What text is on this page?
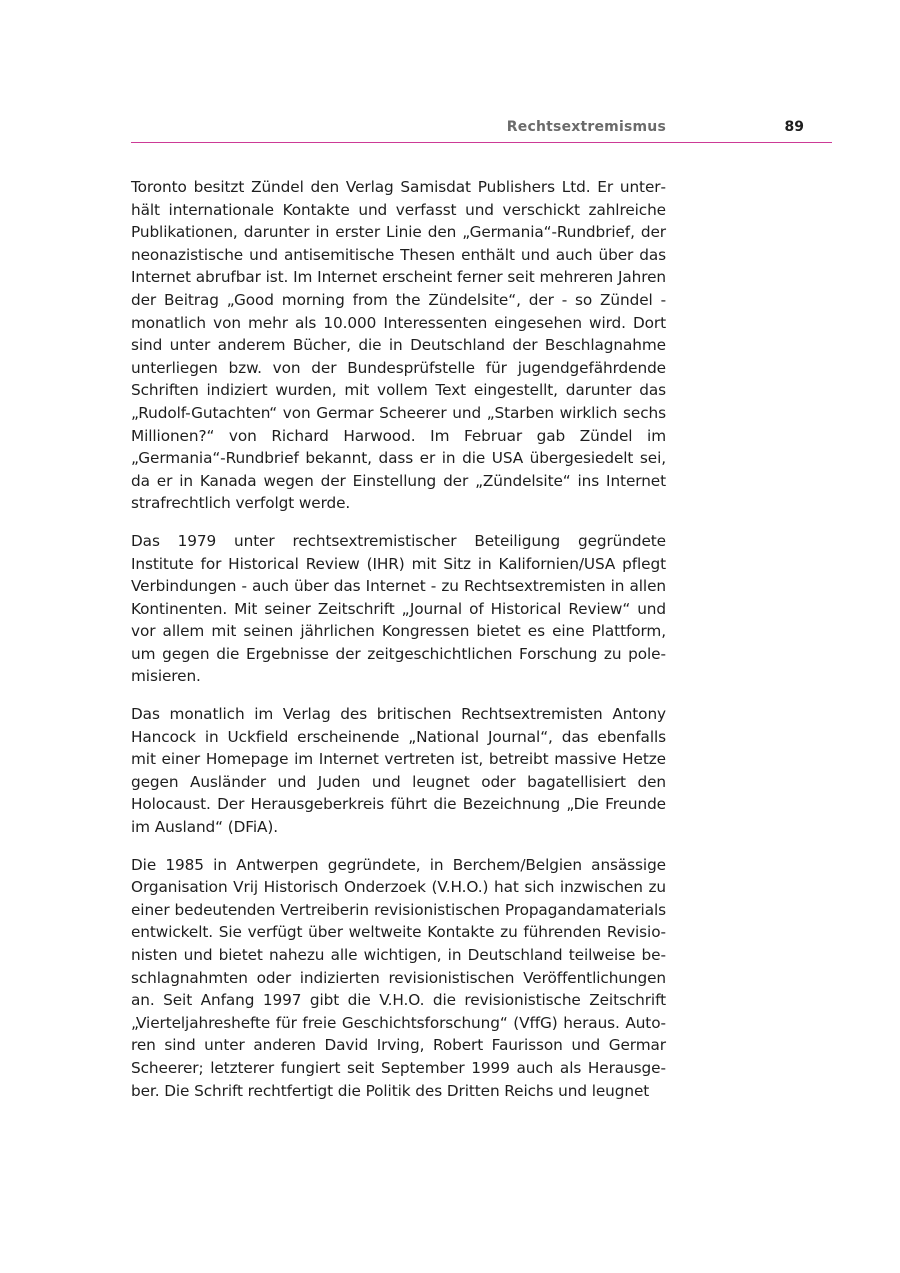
Rechtsextremismus	89

Toronto besitzt Zündel den Verlag Samisdat Publishers Ltd. Er unterhält internationale Kontakte und verfasst und verschickt zahlreiche Publikationen, darunter in erster Linie den „Germania“-Rundbrief, der neonazistische und antisemitische Thesen enthält und auch über das Internet abrufbar ist. Im Internet erscheint ferner seit mehreren Jahren der Beitrag „Good morning from the Zündelsite“, der - so Zündel - monatlich von mehr als 10.000 Interessenten eingesehen wird. Dort sind unter anderem Bücher, die in Deutschland der Beschlagnahme unterliegen bzw. von der Bundesprüfstelle für jugendgefährdende Schriften indiziert wurden, mit vollem Text eingestellt, darunter das „Rudolf-Gutachten“ von Germar Scheerer und „Starben wirklich sechs Millionen?“ von Richard Harwood. Im Februar gab Zündel im „Germania“-Rundbrief bekannt, dass er in die USA übergesiedelt sei, da er in Kanada wegen der Einstellung der „Zündelsite“ ins Internet strafrechtlich verfolgt werde.

Das 1979 unter rechtsextremistischer Beteiligung gegründete Institute for Historical Review (IHR) mit Sitz in Kalifornien/USA pflegt Verbindungen - auch über das Internet - zu Rechtsextremisten in allen Kontinenten. Mit seiner Zeitschrift „Journal of Historical Review“ und vor allem mit seinen jährlichen Kongressen bietet es eine Plattform, um gegen die Ergebnisse der zeitgeschichtlichen Forschung zu polemisieren.

Das monatlich im Verlag des britischen Rechtsextremisten Antony Hancock in Uckfield erscheinende „National Journal“, das ebenfalls mit einer Homepage im Internet vertreten ist, betreibt massive Hetze gegen Ausländer und Juden und leugnet oder bagatellisiert den Holocaust. Der Herausgeberkreis führt die Bezeichnung „Die Freunde im Ausland“ (DFiA).

Die 1985 in Antwerpen gegründete, in Berchem/Belgien ansässige Organisation Vrij Historisch Onderzoek (V.H.O.) hat sich inzwischen zu einer bedeutenden Vertreiberin revisionistischen Propagandamaterials entwickelt. Sie verfügt über weltweite Kontakte zu führenden Revisionisten und bietet nahezu alle wichtigen, in Deutschland teilweise beschlagnahmten oder indizierten revisionistischen Veröffentlichungen an. Seit Anfang 1997 gibt die V.H.O. die revisionistische Zeitschrift „Vierteljahreshefte für freie Geschichtsforschung“ (VffG) heraus. Autoren sind unter anderen David Irving, Robert Faurisson und Germar Scheerer; letzterer fungiert seit September 1999 auch als Herausgeber. Die Schrift rechtfertigt die Politik des Dritten Reichs und leugnet
